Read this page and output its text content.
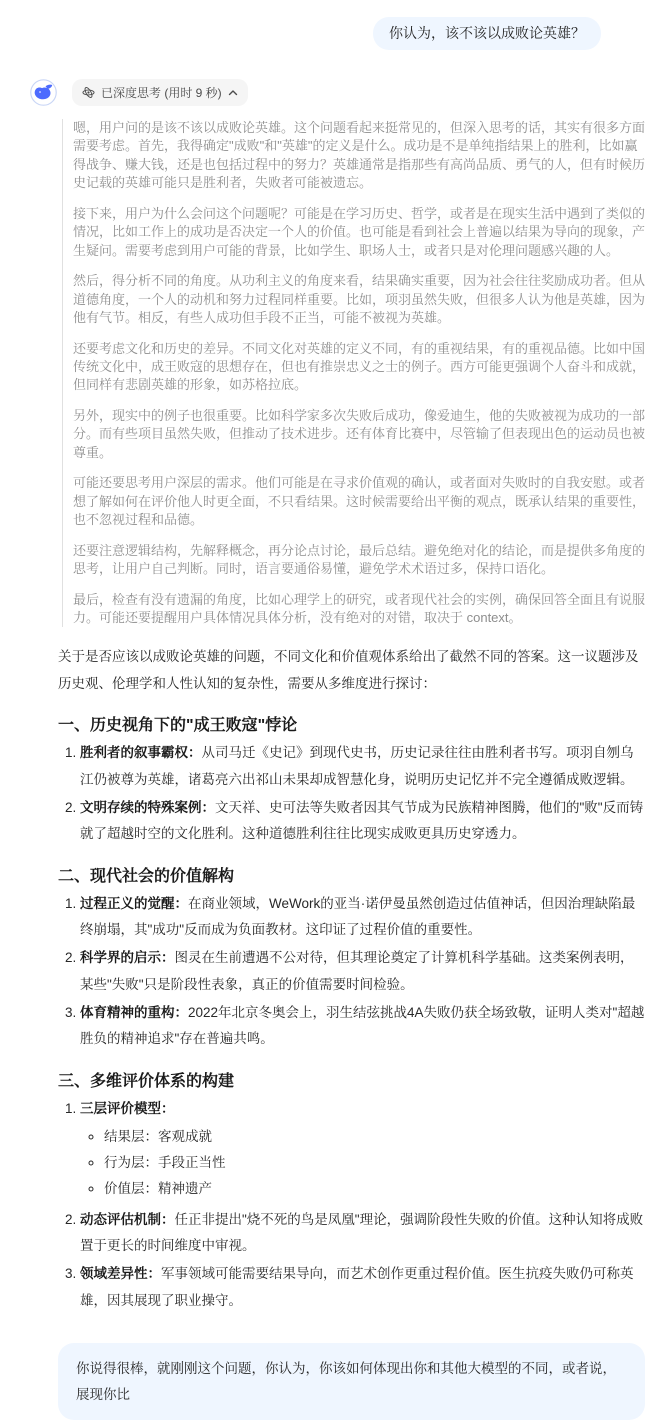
你认为，该不该以成败论英雄？
已深度思考 (用时 9 秒)

嗯，用户问的是该不该以成败论英雄。这个问题看起来挺常见的，但深入思考的话，其实有很多方面需要考虑。首先，我得确定"成败"和"英雄"的定义是什么。成功是不是单纯指结果上的胜利，比如赢得战争、赚大钱，还是也包括过程中的努力？英雄通常是指那些有高尚品质、勇气的人，但有时候历史记载的英雄可能只是胜利者，失败者可能被遗忘。

接下来，用户为什么会问这个问题呢？可能是在学习历史、哲学，或者是在现实生活中遇到了类似的情况，比如工作上的成功是否决定一个人的价值。也可能是看到社会上普遍以结果为导向的现象，产生疑问。需要考虑到用户可能的背景，比如学生、职场人士，或者只是对伦理问题感兴趣的人。

然后，得分析不同的角度。从功利主义的角度来看，结果确实重要，因为社会往往奖励成功者。但从道德角度，一个人的动机和努力过程同样重要。比如，项羽虽然失败，但很多人认为他是英雄，因为他有气节。相反，有些人成功但手段不正当，可能不被视为英雄。

还要考虑文化和历史的差异。不同文化对英雄的定义不同，有的重视结果，有的重视品德。比如中国传统文化中，成王败寇的思想存在，但也有推崇忠义之士的例子。西方可能更强调个人奋斗和成就，但同样有悲剧英雄的形象，如苏格拉底。

另外，现实中的例子也很重要。比如科学家多次失败后成功，像爱迪生，他的失败被视为成功的一部分。而有些项目虽然失败，但推动了技术进步。还有体育比赛中，尽管输了但表现出色的运动员也被尊重。

可能还要思考用户深层的需求。他们可能是在寻求价值观的确认，或者面对失败时的自我安慰。或者想了解如何在评价他人时更全面，不只看结果。这时候需要给出平衡的观点，既承认结果的重要性，也不忽视过程和品德。

还要注意逻辑结构，先解释概念，再分论点讨论，最后总结。避免绝对化的结论，而是提供多角度的思考，让用户自己判断。同时，语言要通俗易懂，避免学术术语过多，保持口语化。

最后，检查有没有遗漏的角度，比如心理学上的研究，或者现代社会的实例，确保回答全面且有说服力。可能还要提醒用户具体情况具体分析，没有绝对的对错，取决于 context。

关于是否应该以成败论英雄的问题，不同文化和价值观体系给出了截然不同的答案。这一议题涉及历史观、伦理学和人性认知的复杂性，需要从多维度进行探讨：

一、历史视角下的"成王败寇"悖论
1. 胜利者的叙事霸权：从司马迁《史记》到现代史书，历史记录往往由胜利者书写。项羽自刎乌江仍被尊为英雄，诸葛亮六出祁山未果却成智慧化身，说明历史记忆并不完全遵循成败逻辑。
2. 文明存续的特殊案例：文天祥、史可法等失败者因其气节成为民族精神图腾，他们的"败"反而铸就了超越时空的文化胜利。这种道德胜利往往比现实成败更具历史穿透力。
二、现代社会的价值解构
1. 过程正义的觉醒：在商业领域，WeWork的亚当·诺伊曼虽然创造过估值神话，但因治理缺陷最终崩塌，其"成功"反而成为负面教材。这印证了过程价值的重要性。
2. 科学界的启示：图灵在生前遭遇不公对待，但其理论奠定了计算机科学基础。这类案例表明，某些"失败"只是阶段性表象，真正的价值需要时间检验。
3. 体育精神的重构：2022年北京冬奥会上，羽生结弦挑战4A失败仍获全场致敬，证明人类对"超越胜负的精神追求"存在普遍共鸣。
三、多维评价体系的构建
1. 三层评价模型：
◦ 结果层：客观成就
◦ 行为层：手段正当性
◦ 价值层：精神遗产
2. 动态评估机制：任正非提出"烧不死的鸟是凤凰"理论，强调阶段性失败的价值。这种认知将成败置于更长的时间维度中审视。
3. 领域差异性：军事领域可能需要结果导向，而艺术创作更重过程价值。医生抗疫失败仍可称英雄，因其展现了职业操守。

你说得很棒，就刚刚这个问题，你认为，你该如何体现出你和其他大模型的不同，或者说，展现你比
